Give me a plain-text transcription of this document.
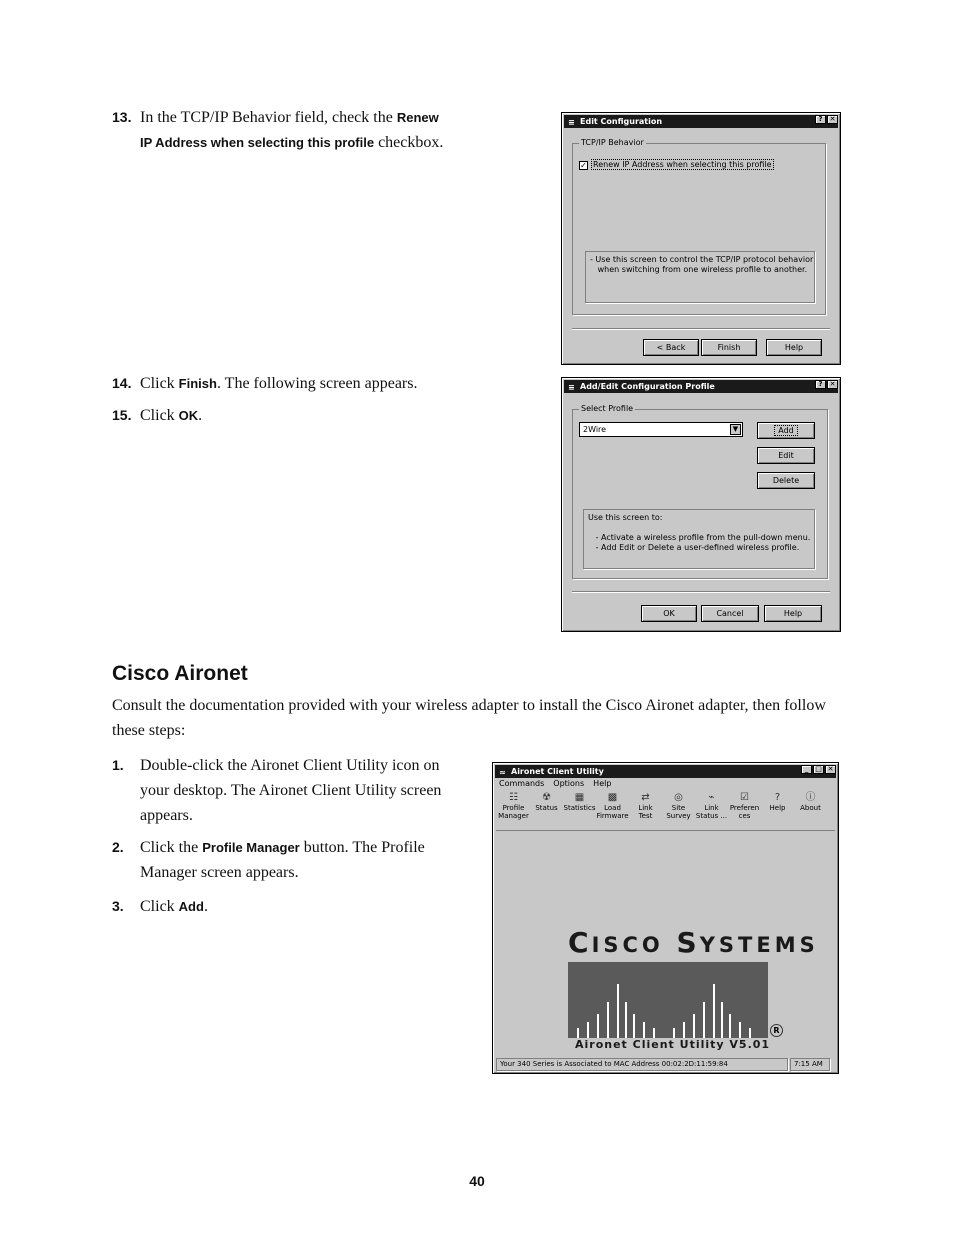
13. In the TCP/IP Behavior field, check the Renew
IP Address when selecting this profile checkbox.
14. Click Finish. The following screen appears.
15. Click OK.
≡ Edit Configuration	?	✕
TCP/IP Behavior
✓ Renew IP Address when selecting this profile
- Use this screen to control the TCP/IP protocol behavior
when switching from one wireless profile to another.
< Back	Finish	Help
≡ Add/Edit Configuration Profile	?	✕
Select Profile
2Wire	▼	Add
Edit
Delete
Use this screen to:

- Activate a wireless profile from the pull-down menu.
- Add Edit or Delete a user-defined wireless profile.
OK	Cancel	Help
Cisco Aironet

Consult the documentation provided with your wireless adapter to install the Cisco Aironet adapter, then follow these steps:

1. Double-click the Aironet Client Utility icon on your desktop. The Aironet Client Utility screen appears.
2. Click the Profile Manager button. The Profile Manager screen appears.
3. Click Add.
≈ Aironet Client Utility	_ □ ✕
Commands Options Help
☷
Profile
Manager
☢
Status

▦
Statistics

▩
Load
Firmware
⇄
Link
Test
◎
Site
Survey
⌁
Link
Status ...
☑
Preferen
ces
?
Help

ⓘ
About

CISCO SYSTEMS
R
Aironet Client Utility V5.01
Your 340 Series is Associated to MAC Address 00:02:2D:11:59:84	7:15 AM
40
